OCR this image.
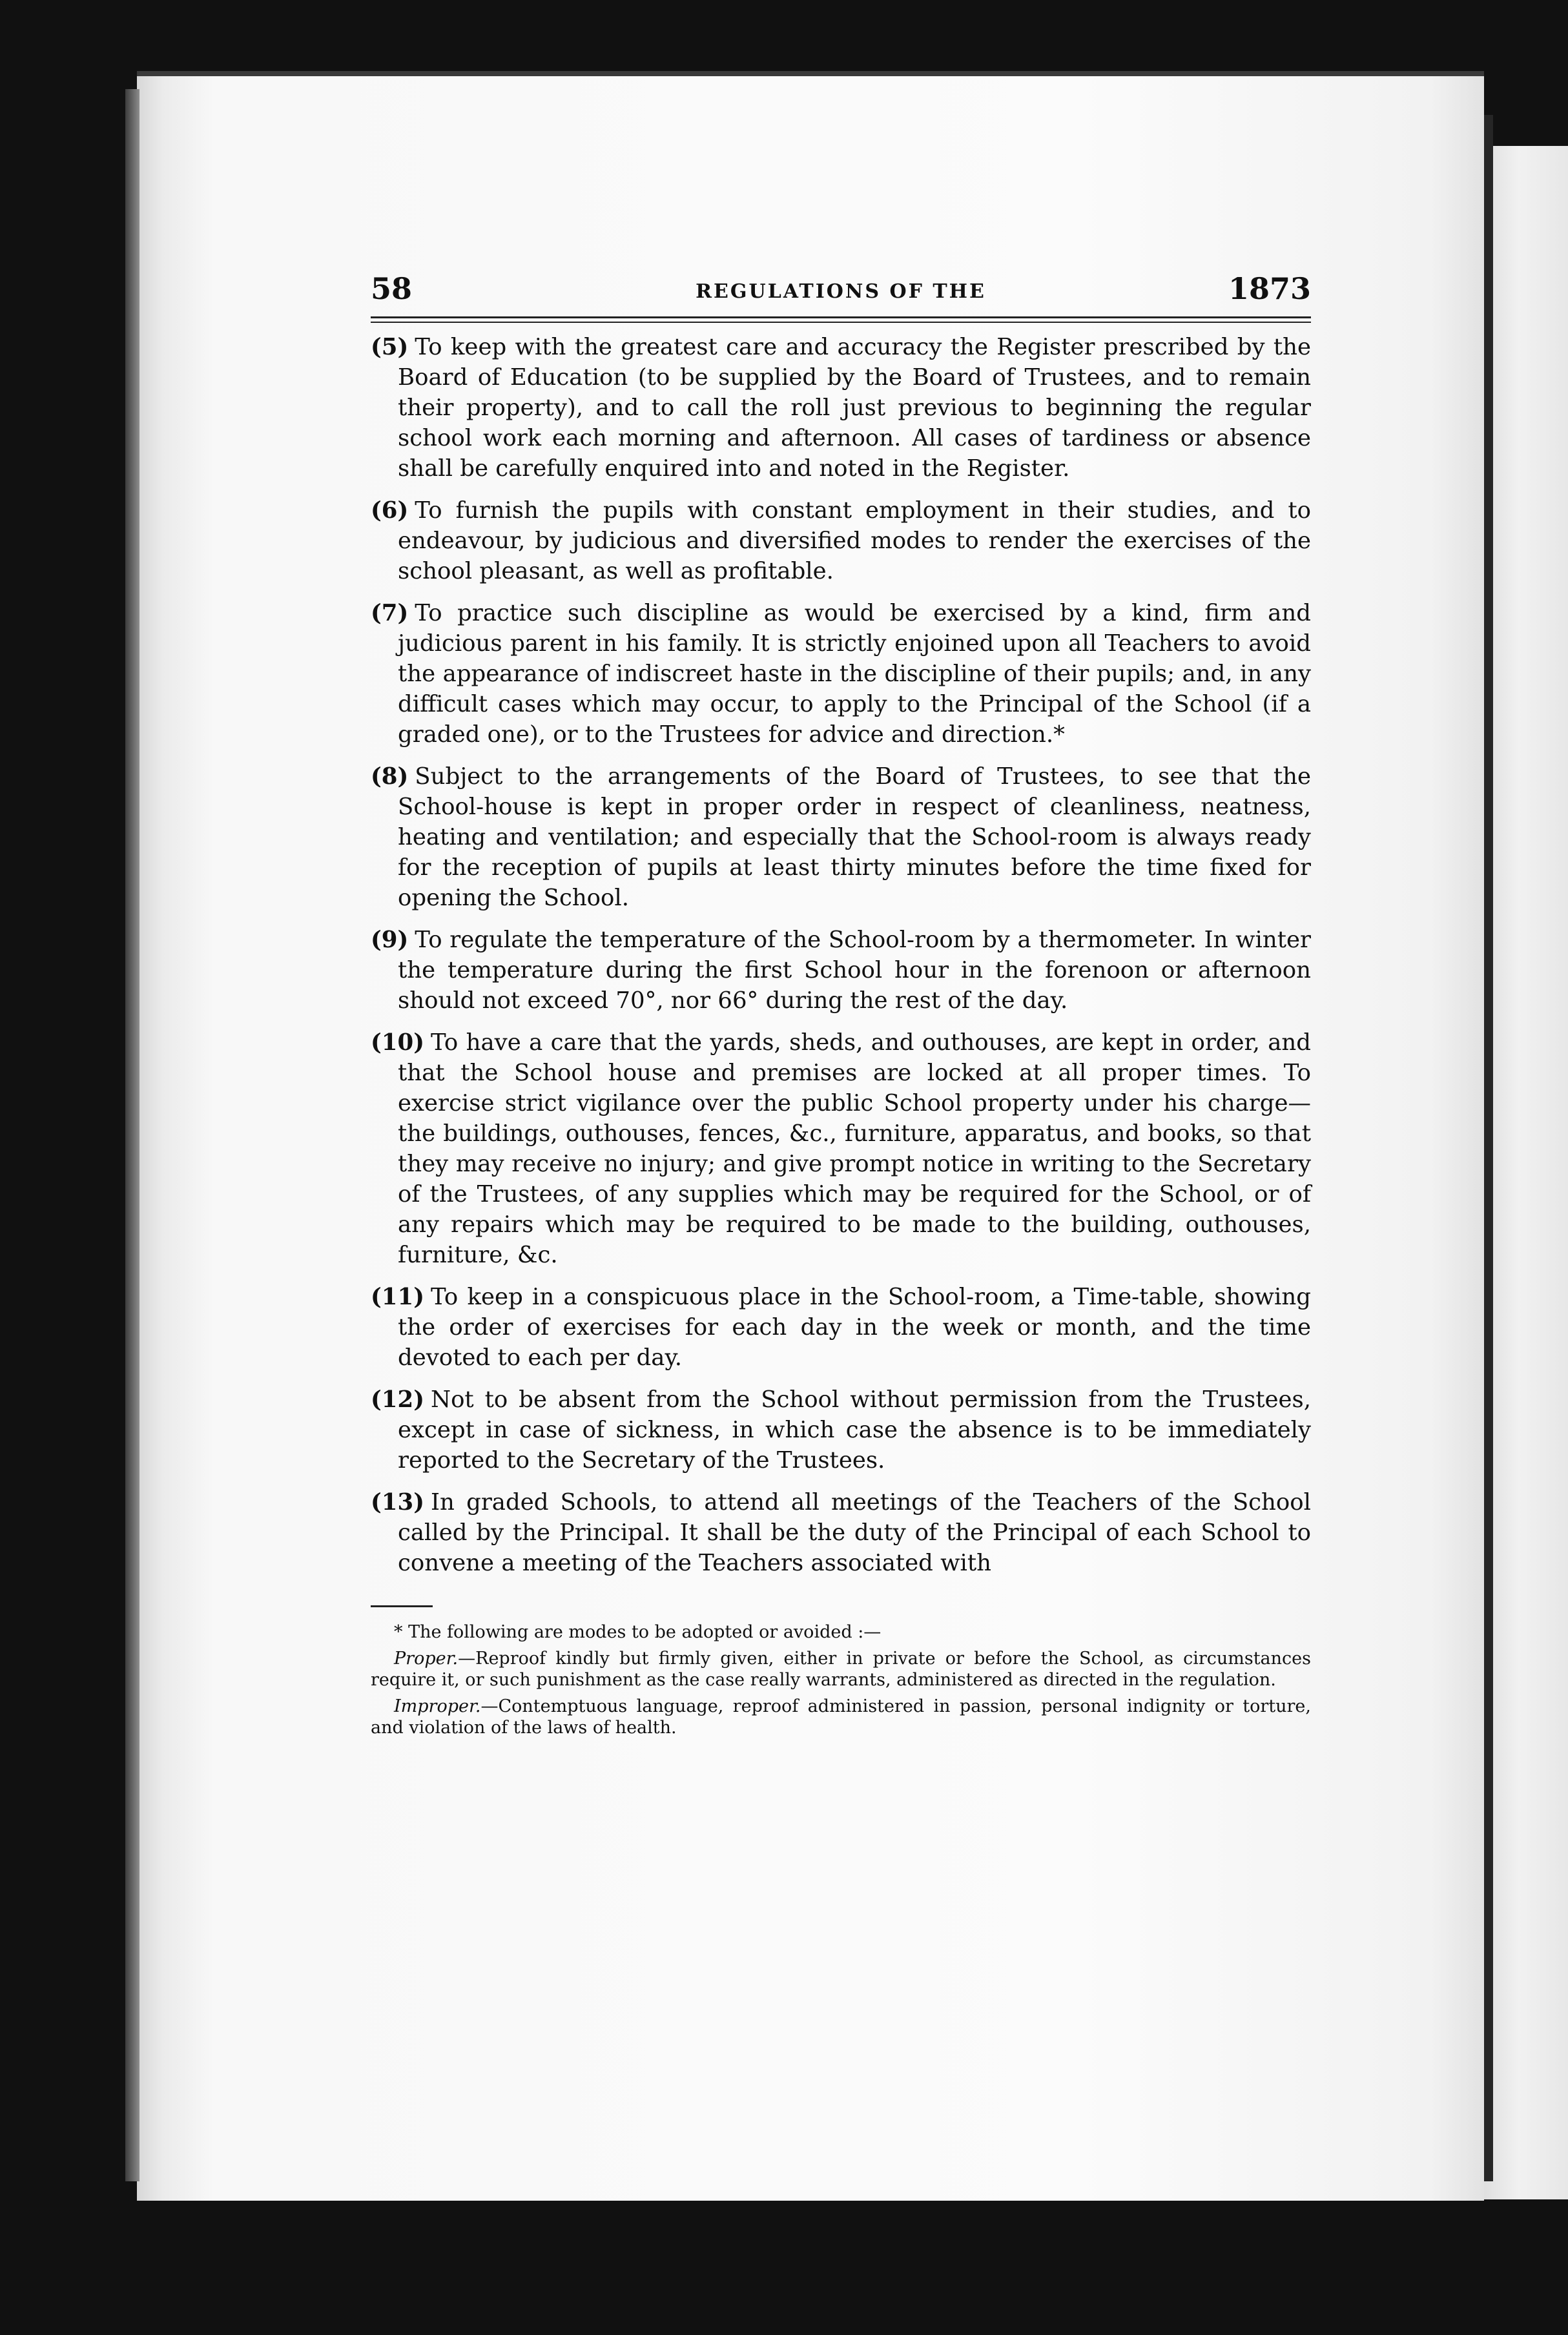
58	REGULATIONS OF THE	1873

(5) To keep with the greatest care and accuracy the Register prescribed by the Board of Education (to be supplied by the Board of Trustees, and to remain their property), and to call the roll just previous to beginning the regular school work each morning and afternoon. All cases of tardiness or absence shall be carefully enquired into and noted in the Register.

(6) To furnish the pupils with constant employment in their studies, and to endeavour, by judicious and diversified modes to render the exercises of the school pleasant, as well as profitable.

(7) To practice such discipline as would be exercised by a kind, firm and judicious parent in his family. It is strictly enjoined upon all Teachers to avoid the appearance of indiscreet haste in the discipline of their pupils; and, in any difficult cases which may occur, to apply to the Principal of the School (if a graded one), or to the Trustees for advice and direction.*

(8) Subject to the arrangements of the Board of Trustees, to see that the School-house is kept in proper order in respect of cleanliness, neatness, heating and ventilation; and especially that the School-room is always ready for the reception of pupils at least thirty minutes before the time fixed for opening the School.

(9) To regulate the temperature of the School-room by a thermometer. In winter the temperature during the first School hour in the forenoon or afternoon should not exceed 70°, nor 66° during the rest of the day.

(10) To have a care that the yards, sheds, and outhouses, are kept in order, and that the School house and premises are locked at all proper times. To exercise strict vigilance over the public School property under his charge—the buildings, outhouses, fences, &c., furniture, apparatus, and books, so that they may receive no injury; and give prompt notice in writing to the Secretary of the Trustees, of any supplies which may be required for the School, or of any repairs which may be required to be made to the building, outhouses, furniture, &c.

(11) To keep in a conspicuous place in the School-room, a Time-table, showing the order of exercises for each day in the week or month, and the time devoted to each per day.

(12) Not to be absent from the School without permission from the Trustees, except in case of sickness, in which case the absence is to be immediately reported to the Secretary of the Trustees.

(13) In graded Schools, to attend all meetings of the Teachers of the School called by the Principal. It shall be the duty of the Principal of each School to convene a meeting of the Teachers associated with

* The following are modes to be adopted or avoided :—

Proper.—Reproof kindly but firmly given, either in private or before the School, as circumstances require it, or such punishment as the case really warrants, administered as directed in the regulation.

Improper.—Contemptuous language, reproof administered in passion, personal indignity or torture, and violation of the laws of health.
